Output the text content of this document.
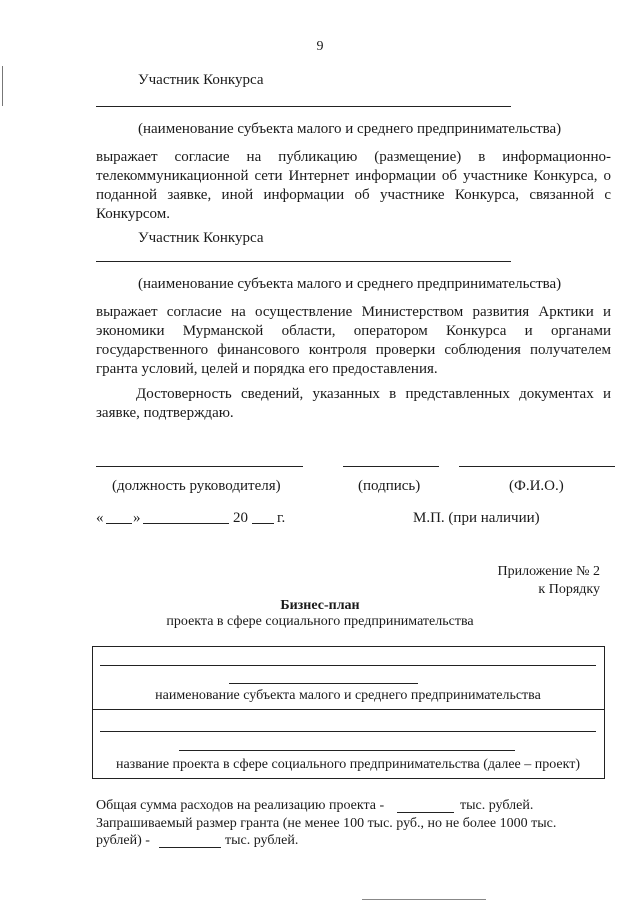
9
Участник Конкурса
(наименование субъекта малого и среднего предпринимательства)
выражает согласие на публикацию (размещение) в информационно-
телекоммуникационной сети Интернет информации об участнике Конкурса, о
поданной заявке, иной информации об участнике Конкурса, связанной с
Конкурсом.
Участник Конкурса
(наименование субъекта малого и среднего предпринимательства)
выражает согласие на осуществление Министерством развития Арктики и
экономики Мурманской области, оператором Конкурса и органами
государственного финансового контроля проверки соблюдения получателем
гранта условий, целей и порядка его предоставления.
Достоверность сведений, указанных в представленных документах и
заявке, подтверждаю.
(должность руководителя)	(подпись)	(Ф.И.О.)
« »	20 г.	М.П. (при наличии)
Приложение № 2
к Порядку
Бизнес-план
проекта в сфере социального предпринимательства
наименование субъекта малого и среднего предпринимательства
название проекта в сфере социального предпринимательства (далее – проект)
Общая сумма расходов на реализацию проекта -	тыс. рублей.
Запрашиваемый размер гранта (не менее 100 тыс. руб., но не более 1000 тыс.
рублей) -	тыс. рублей.
